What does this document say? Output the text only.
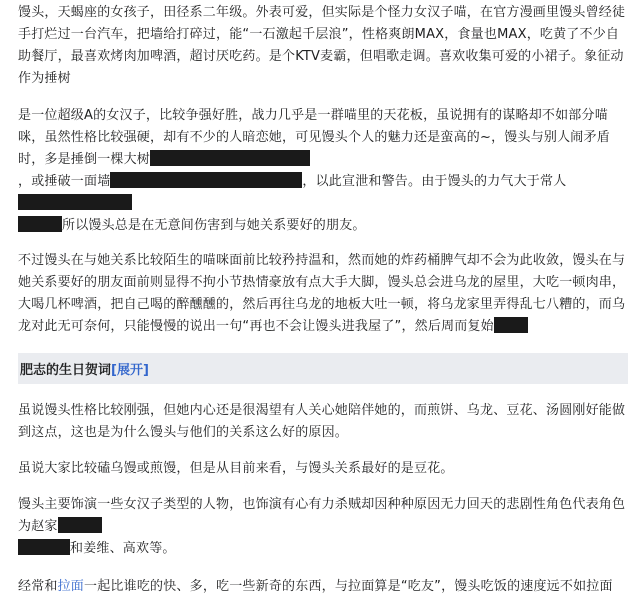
馒头，天蝎座的女孩子，田径系二年级。外表可爱，但实际是个怪力女汉子喵，在官方漫画里馒头曾经徒手打烂过一台汽车，把墙给打碎过，能“一石激起千层浪”，性格爽朗MAX，食量也MAX，吃黄了不少自助餐厅，最喜欢烤肉加啤酒，超讨厌吃药。是个KTV麦霸，但唱歌走调。喜欢收集可爱的小裙子。象征动作为捶树

是一位超级A的女汉子，比较争强好胜，战力几乎是一群喵里的天花板，虽说拥有的谋略却不如部分喵咪，虽然性格比较强硬，却有不少的人暗恋她，可见馒头个人的魅力还是蛮高的~，馒头与别人闹矛盾时，多是捶倒一棵大树
，或捶破一面墙	，以此宣泄和警告。由于馒头的力气大于常人
所以馒头总是在无意间伤害到与她关系要好的朋友。

不过馒头在与她关系比较陌生的喵咪面前比较矜持温和，然而她的炸药桶脾气却不会为此收敛，馒头在与她关系要好的朋友面前则显得不拘小节热情豪放有点大手大脚，馒头总会进乌龙的屋里，大吃一顿肉串，大喝几杯啤酒，把自己喝的醉醺醺的，然后再往乌龙的地板大吐一顿，将乌龙家里弄得乱七八糟的，而乌龙对此无可奈何，只能慢慢的说出一句“再也不会让馒头进我屋了”，然后周而复始

肥志的生日贺词 [展开]

虽说馒头性格比较刚强，但她内心还是很渴望有人关心她陪伴她的，而煎饼、乌龙、豆花、汤圆刚好能做到这点，这也是为什么馒头与他们的关系这么好的原因。

虽说大家比较磕乌馒或煎馒，但是从目前来看，与馒头关系最好的是豆花。

馒头主要饰演一些女汉子类型的人物，也饰演有心有力杀贼却因种种原因无力回天的悲剧性角色代表角色为赵家
和姜维、高欢等。

经常和拉面一起比谁吃的快、多，吃一些新奇的东西，与拉面算是“吃友”，馒头吃饭的速度远不如拉面
